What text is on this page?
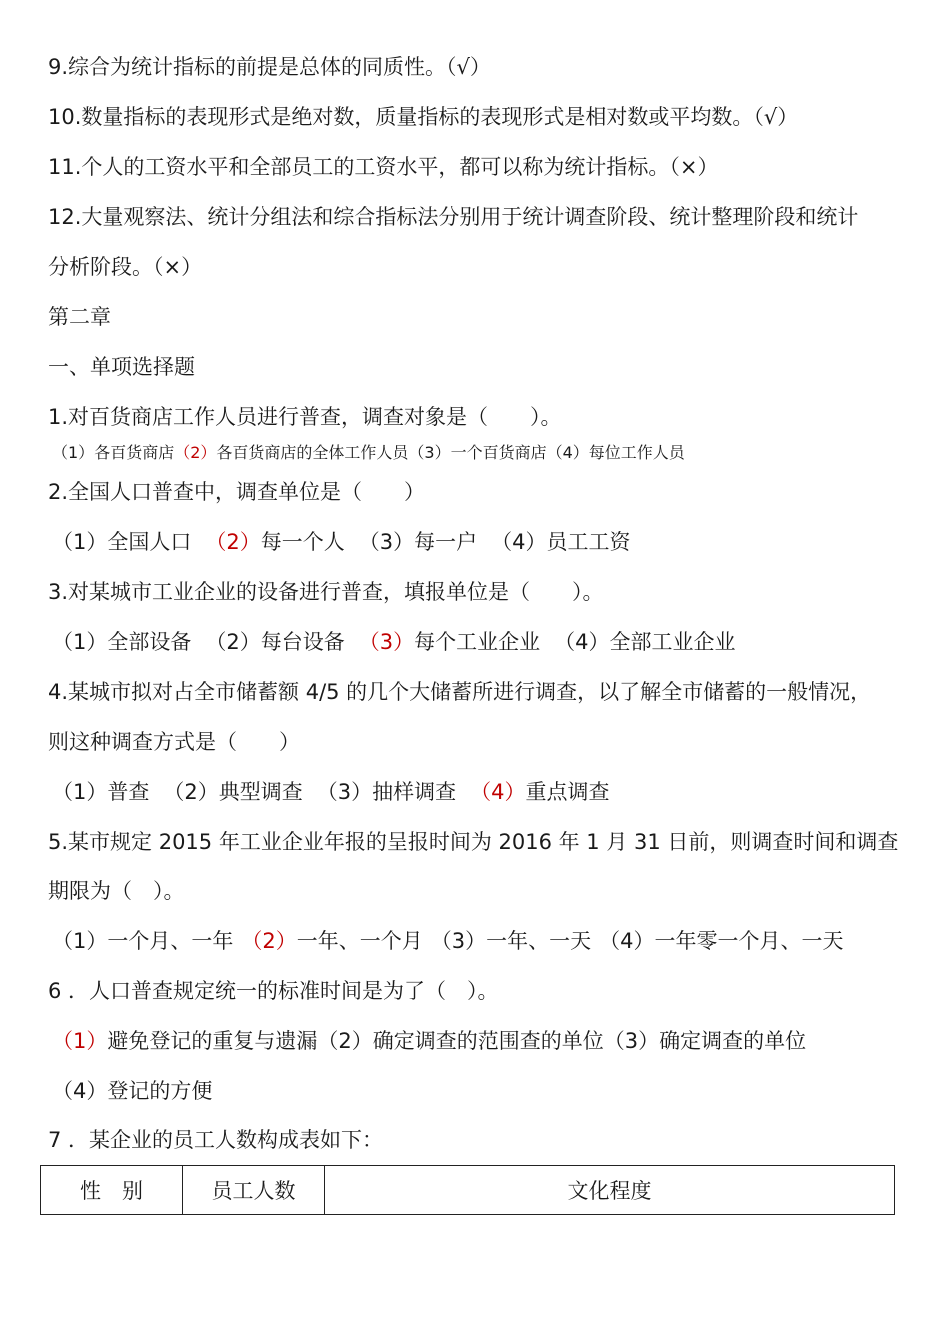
9.综合为统计指标的前提是总体的同质性。（√）
10.数量指标的表现形式是绝对数，质量指标的表现形式是相对数或平均数。（√）
11.个人的工资水平和全部员工的工资水平，都可以称为统计指标。（×）
12.大量观察法、统计分组法和综合指标法分别用于统计调查阶段、统计整理阶段和统计
分析阶段。（×）
第二章
一、单项选择题
1.对百货商店工作人员进行普查，调查对象是（　　）。
（1）各百货商店（2）各百货商店的全体工作人员（3）一个百货商店（4）每位工作人员
2.全国人口普查中，调查单位是（　　）
（1）全国人口 （2）每一个人 （3）每一户 （4）员工工资
3.对某城市工业企业的设备进行普查，填报单位是（　　）。
（1）全部设备 （2）每台设备 （3）每个工业企业 （4）全部工业企业
4.某城市拟对占全市储蓄额 4/5 的几个大储蓄所进行调查，以了解全市储蓄的一般情况，
则这种调查方式是（　　）
（1）普查 （2）典型调查 （3）抽样调查 （4）重点调查
5.某市规定 2015 年工业企业年报的呈报时间为 2016 年 1 月 31 日前，则调查时间和调查
期限为（　）。
（1）一个月、一年 （2）一年、一个月 （3）一年、一天 （4）一年零一个月、一天
6 ．人口普查规定统一的标准时间是为了（　）。
（1）避免登记的重复与遗漏（2）确定调查的范围查的单位（3）确定调查的单位
（4）登记的方便
7 ．某企业的员工人数构成表如下：
性　别	员工人数	文化程度
